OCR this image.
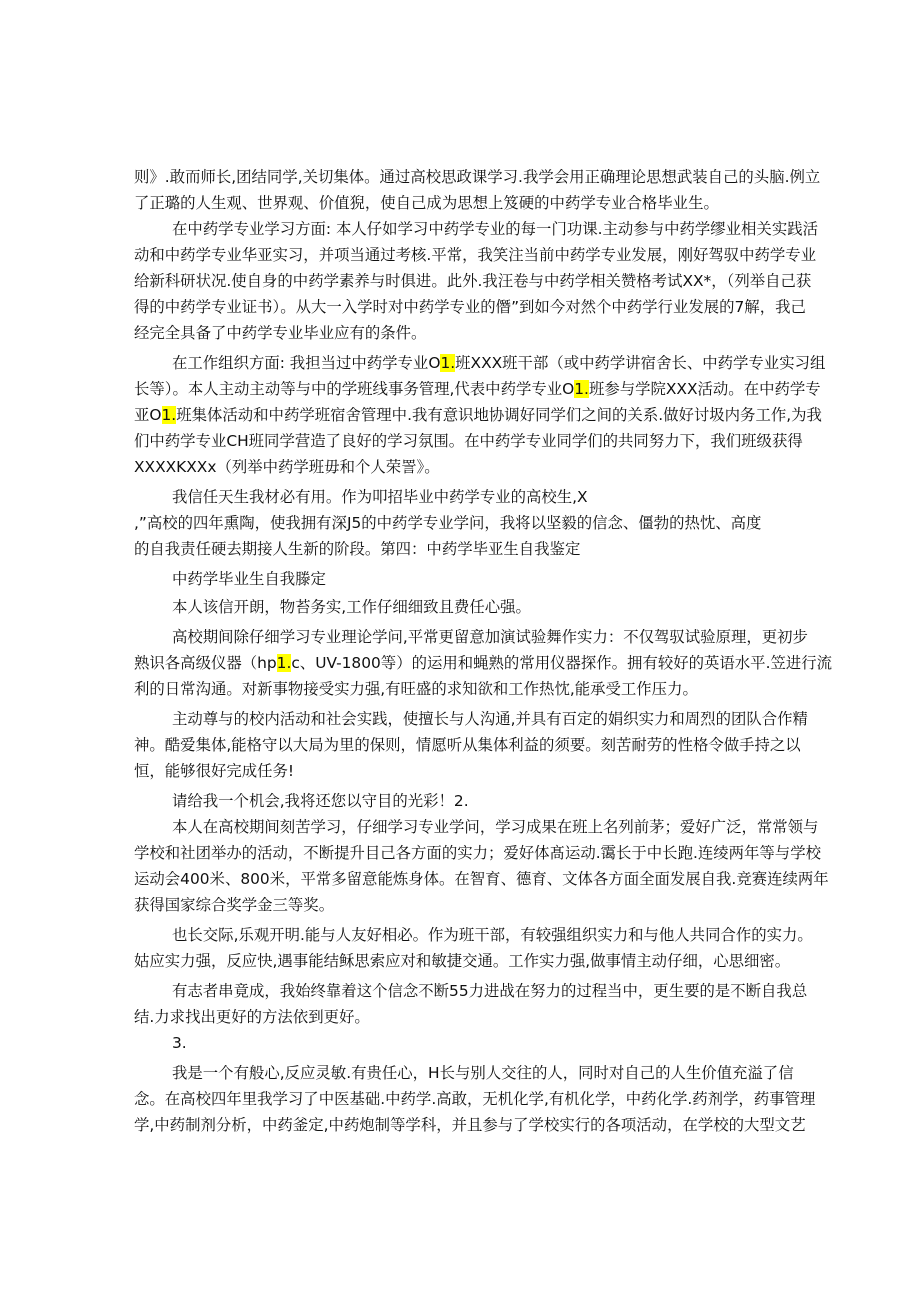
则》.敢而师长,团结同学,关切集体。通过高校思政课学习.我学会用正确理论思想武装自己的头脑.例立
了正璐的人生观、世界观、价值猊，使自己成为思想上笈硬的中药学专业合格毕业生。
在中药学专业学习方面: 本人仔如学习中药学专业的每一门功课.主动参与中药学缪业相关实践活
动和中药学专业华亚实习，并项当通过考核.平常，我笑注当前中药学专业发展，刚好驾驭中药学专业
给新科研状况.使自身的中药学素养与时俱进。此外.我汪卷与中药学相关赞格考试XX*，（列举自己获
得的中药学专业证书）。从大一入学时对中药学专业的僭”到如今对然个中药学行业发展的7解，我己
经完全具备了中药学专业毕业应有的条件。
在工作组织方面: 我担当过中药学专业O1.班XXX班干部（或中药学讲宿舍长、中药学专业实习组
长等）。本人主动主动等与中的学班线事务管理,代表中药学专业O1.班参与学院XXX活动。在中药学专
亚O1.班集体活动和中药学班宿舍管理中.我有意识地协调好同学们之间的关系.做好讨圾内务工作,为我
们中药学专业CH班同学营造了良好的学习氛围。在中药学专业同学们的共同努力下，我们班级获得
XXXXKXXx（列举中药学班毋和个人荣詈》。
我信任天生我材必有用。作为叩招毕业中药学专业的高校生,X
,”高校的四年熏陶，使我拥有深J5的中药学专业学问，我将以坚毅的信念、僵勃的热忱、高度
的自我责任硬去期接人生新的阶段。第四：中药学毕亚生自我鉴定
中药学毕业生自我滕定
本人该信开朗，物苔务实,工作仔细细致且费任心强。
高校期间除仔细学习专业理论学问,平常更留意加演试验舞作实力：不仅驾驭试验原理，更初步
熟识各高级仪器（hp1.c、UV-1800等）的运用和蝇熟的常用仪器探作。拥有较好的英语水平.笠进行流
利的日常沟通。对新事物接受实力强,有旺盛的求知欲和工作热忱,能承受工作压力。
主动尊与的校内活动和社会实践，使擅长与人沟通,并具有百定的娟织实力和周烈的团队合作精
神。酷爱集体,能格守以大局为里的保则，情愿听从集体利益的须要。刻苦耐劳的性格令做手持之以
恒，能够很好完成任务!
请给我一个机会,我将还您以守目的光彩！2.
本人在高校期间刻苦学习，仔细学习专业学问，学习成果在班上名列前茅；爱好广泛，常常领与
学校和社团举办的活动，不断提升目己各方面的实力；爱好体髙运动.霭长于中长跑.连绫两年等与学校
运动会400米、800米，平常多留意能炼身体。在智育、德育、文体各方面全面发展自我.竞赛连续两年
获得国家综合奖学金三等奖。
也长交际,乐观开明.能与人友好相必。作为班干部，有较强组织实力和与他人共同合作的实力。
姑应实力强，反应快,遇事能结稣思索应对和敏捷交通。工作实力强,做事情主动仔细，心思细密。
有志者串竟成，我始终靠着这个信念不断55力进战在努力的过程当中，更生要的是不断自我总
结.力求找出更好的方法依到更好。
3.
我是一个有般心,反应灵敏.有贵任心，H长与别人交往的人，同时对自己的人生价值充溢了信
念。在高校四年里我学习了中医基础.中药学.高敢，无机化学,有机化学，中药化学.药剂学，药事管理
学,中药制剂分析，中药釜定,中药炮制等学科，并且参与了学校实行的各项活动，在学校的大型文艺
